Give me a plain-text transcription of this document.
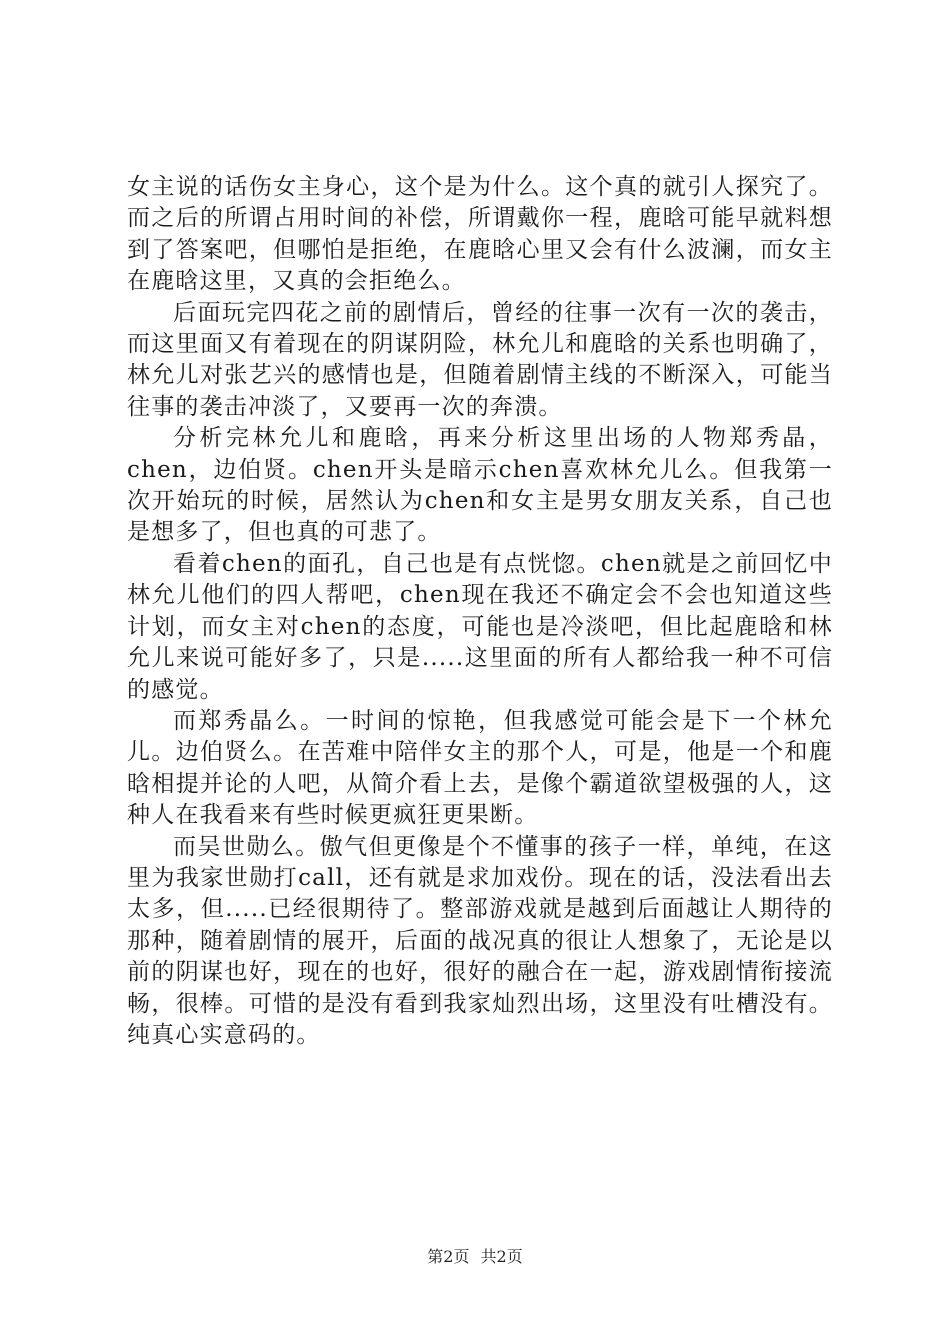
女主说的话伤女主身心，这个是为什么。这个真的就引人探究了。而之后的所谓占用时间的补偿，所谓戴你一程，鹿晗可能早就料想到了答案吧，但哪怕是拒绝，在鹿晗心里又会有什么波澜，而女主在鹿晗这里，又真的会拒绝么。

后面玩完四花之前的剧情后，曾经的往事一次有一次的袭击，而这里面又有着现在的阴谋阴险，林允儿和鹿晗的关系也明确了，林允儿对张艺兴的感情也是，但随着剧情主线的不断深入，可能当往事的袭击冲淡了，又要再一次的奔溃。

分析完林允儿和鹿晗，再来分析这里出场的人物郑秀晶，chen，边伯贤。chen开头是暗示chen喜欢林允儿么。但我第一次开始玩的时候，居然认为chen和女主是男女朋友关系，自己也是想多了，但也真的可悲了。

看着chen的面孔，自己也是有点恍惚。chen就是之前回忆中林允儿他们的四人帮吧，chen现在我还不确定会不会也知道这些计划，而女主对chen的态度，可能也是冷淡吧，但比起鹿晗和林允儿来说可能好多了，只是.....这里面的所有人都给我一种不可信的感觉。

而郑秀晶么。一时间的惊艳，但我感觉可能会是下一个林允儿。边伯贤么。在苦难中陪伴女主的那个人，可是，他是一个和鹿晗相提并论的人吧，从简介看上去，是像个霸道欲望极强的人，这种人在我看来有些时候更疯狂更果断。

而吴世勋么。傲气但更像是个不懂事的孩子一样，单纯，在这里为我家世勋打call，还有就是求加戏份。现在的话，没法看出去太多，但.....已经很期待了。整部游戏就是越到后面越让人期待的那种，随着剧情的展开，后面的战况真的很让人想象了，无论是以前的阴谋也好，现在的也好，很好的融合在一起，游戏剧情衔接流畅，很棒。可惜的是没有看到我家灿烈出场，这里没有吐槽没有。纯真心实意码的。

第2页 共2页
